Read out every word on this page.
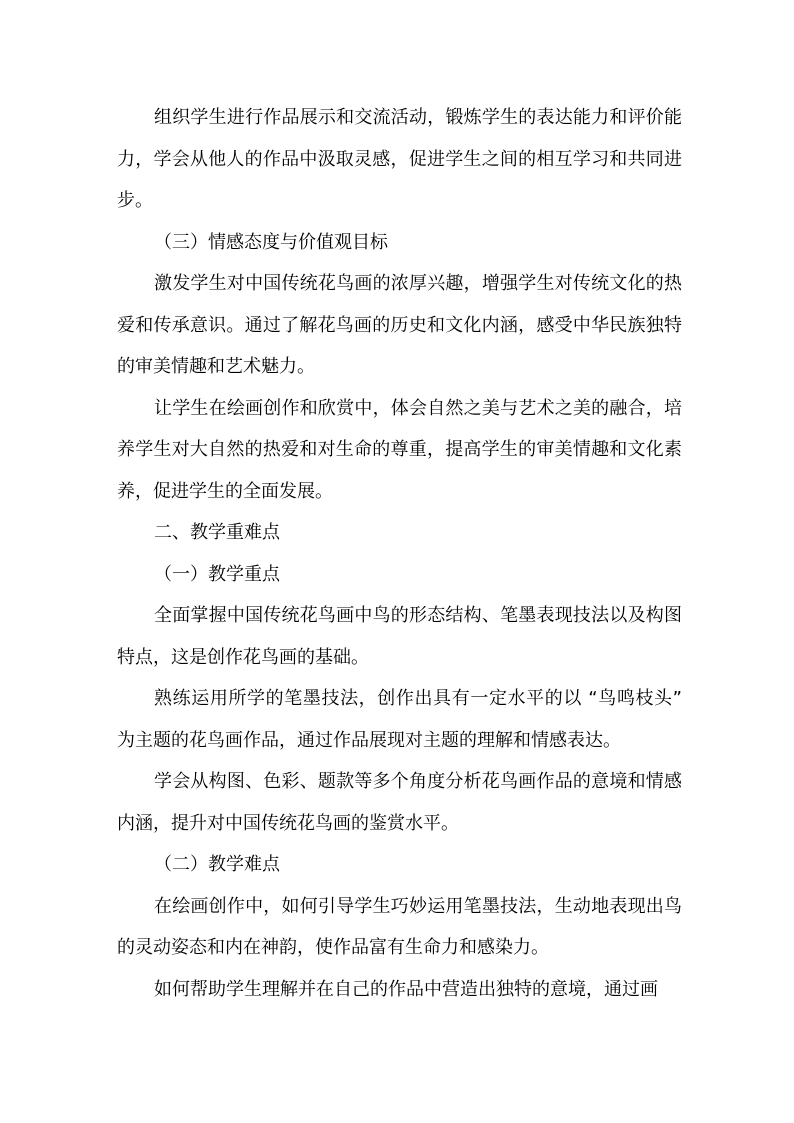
组织学生进行作品展示和交流活动，锻炼学生的表达能力和评价能力，学会从他人的作品中汲取灵感，促进学生之间的相互学习和共同进步。

（三）情感态度与价值观目标

激发学生对中国传统花鸟画的浓厚兴趣，增强学生对传统文化的热爱和传承意识。通过了解花鸟画的历史和文化内涵，感受中华民族独特的审美情趣和艺术魅力。

让学生在绘画创作和欣赏中，体会自然之美与艺术之美的融合，培养学生对大自然的热爱和对生命的尊重，提高学生的审美情趣和文化素养，促进学生的全面发展。

二、教学重难点

（一）教学重点

全面掌握中国传统花鸟画中鸟的形态结构、笔墨表现技法以及构图特点，这是创作花鸟画的基础。

熟练运用所学的笔墨技法，创作出具有一定水平的以 “鸟鸣枝头” 为主题的花鸟画作品，通过作品展现对主题的理解和情感表达。

学会从构图、色彩、题款等多个角度分析花鸟画作品的意境和情感内涵，提升对中国传统花鸟画的鉴赏水平。

（二）教学难点

在绘画创作中，如何引导学生巧妙运用笔墨技法，生动地表现出鸟的灵动姿态和内在神韵，使作品富有生命力和感染力。

如何帮助学生理解并在自己的作品中营造出独特的意境，通过画
